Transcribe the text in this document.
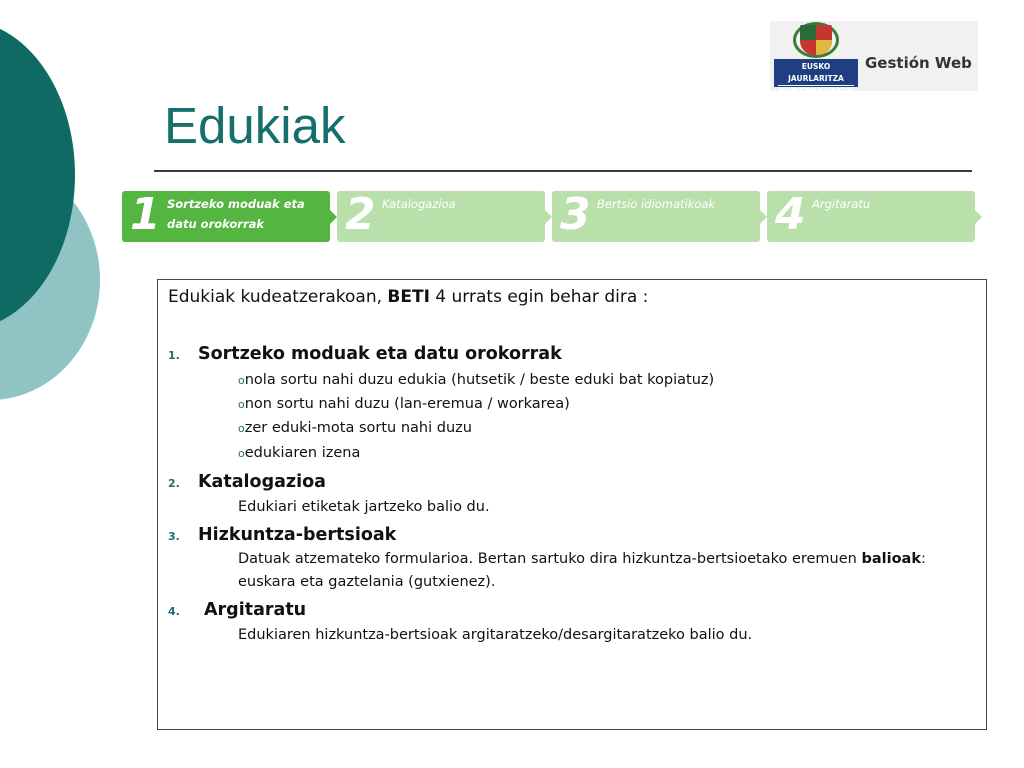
EUSKO JAURLARITZA
GOBIERNO VASCO
Gestión Web
Edukiak
1 Sortzeko moduak eta datu orokorrak	2 Katalogazioa	3 Bertsio idiomatikoak	4 Argitaratu
Edukiak kudeatzerakoan, BETI 4 urrats egin behar dira :
1. Sortzeko moduak eta datu orokorrak
onola sortu nahi duzu edukia (hutsetik / beste eduki bat kopiatuz)
onon sortu nahi duzu (lan-eremua / workarea)
ozer eduki-mota sortu nahi duzu
oedukiaren izena
2. Katalogazioa
Edukiari etiketak jartzeko balio du.
3. Hizkuntza-bertsioak
Datuak atzemateko formularioa. Bertan sartuko dira hizkuntza-bertsioetako eremuen balioak: euskara eta gaztelania (gutxienez).
4. Argitaratu
Edukiaren hizkuntza-bertsioak argitaratzeko/desargitaratzeko balio du.
